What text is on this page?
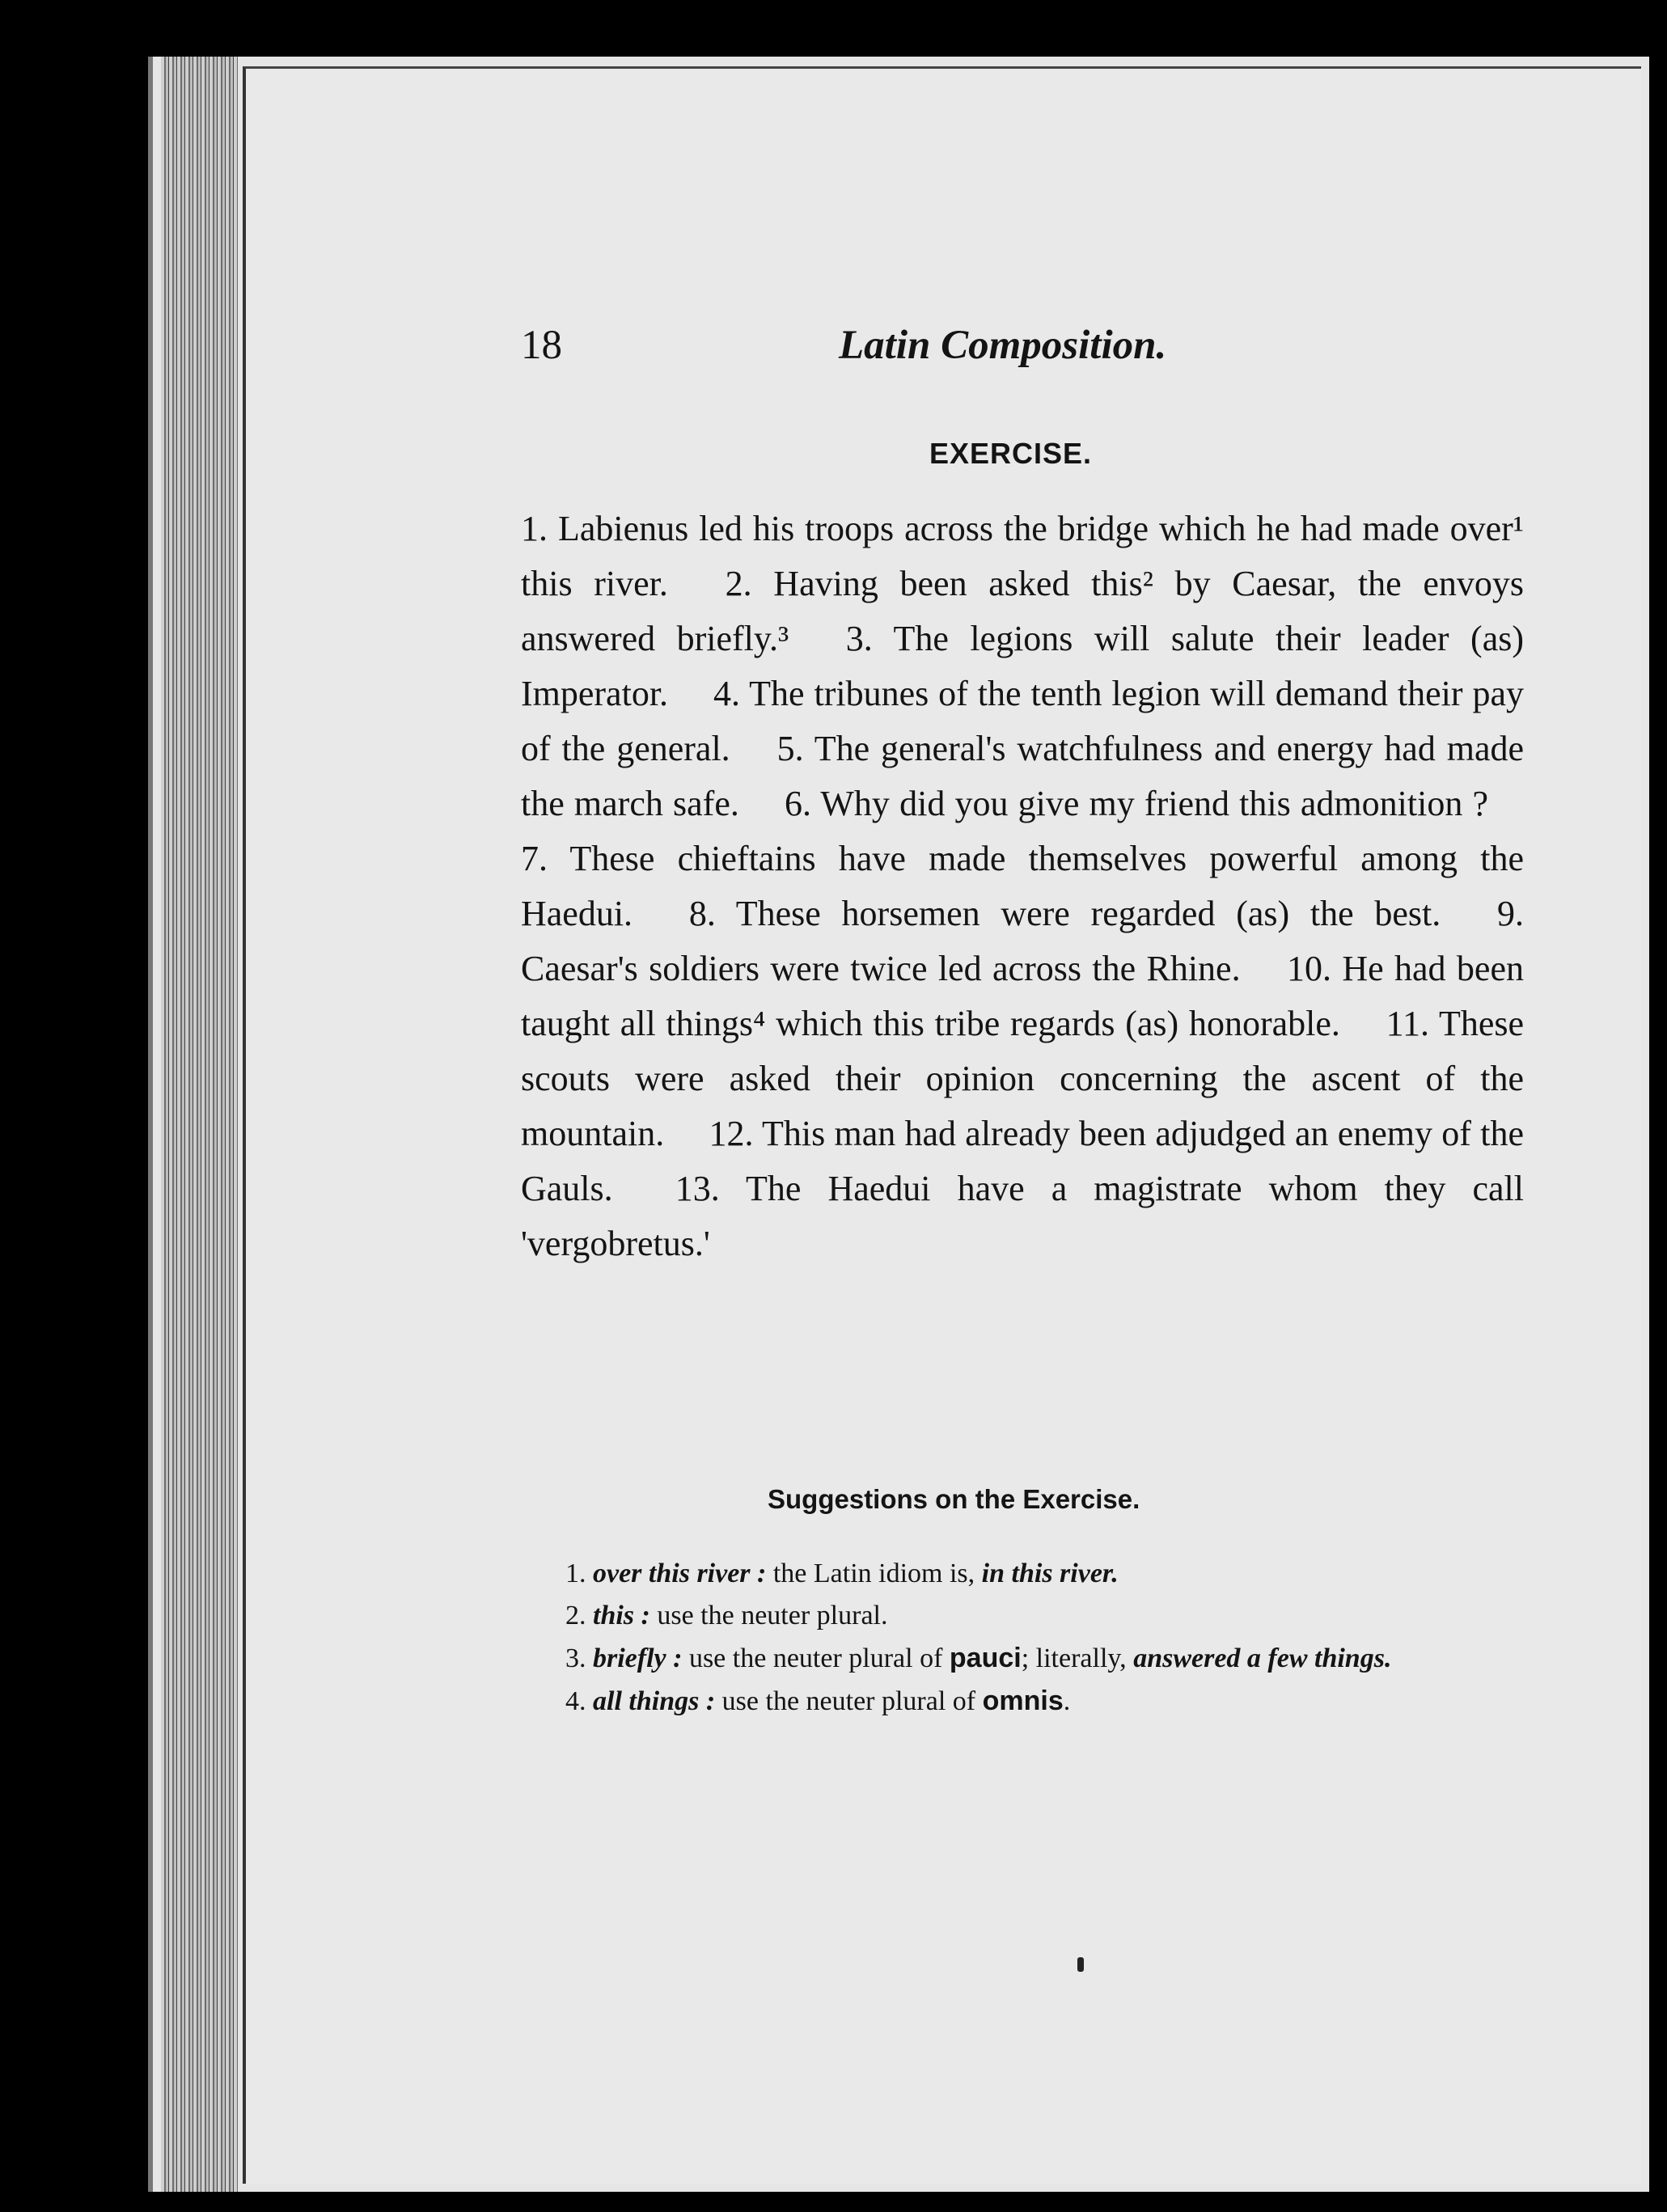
18	Latin Composition.
EXERCISE.
1. Labienus led his troops across the bridge which he had made over¹ this river.  2. Having been asked this² by Caesar, the envoys answered briefly.³  3. The legions will salute their leader (as) Imperator.  4. The tribunes of the tenth legion will demand their pay of the general.  5. The general's watchfulness and energy had made the march safe.  6. Why did you give my friend this admonition ?  7. These chieftains have made themselves powerful among the Haedui.  8. These horsemen were regarded (as) the best.  9. Caesar's soldiers were twice led across the Rhine.  10. He had been taught all things⁴ which this tribe regards (as) honorable.  11. These scouts were asked their opinion concerning the ascent of the mountain.  12. This man had already been adjudged an enemy of the Gauls.  13. The Haedui have a magistrate whom they call 'vergobretus.' 
Suggestions on the Exercise.
1. over this river : the Latin idiom is, in this river.
2. this : use the neuter plural.
3. briefly : use the neuter plural of pauci; literally, answered a few things.
4. all things : use the neuter plural of omnis.
